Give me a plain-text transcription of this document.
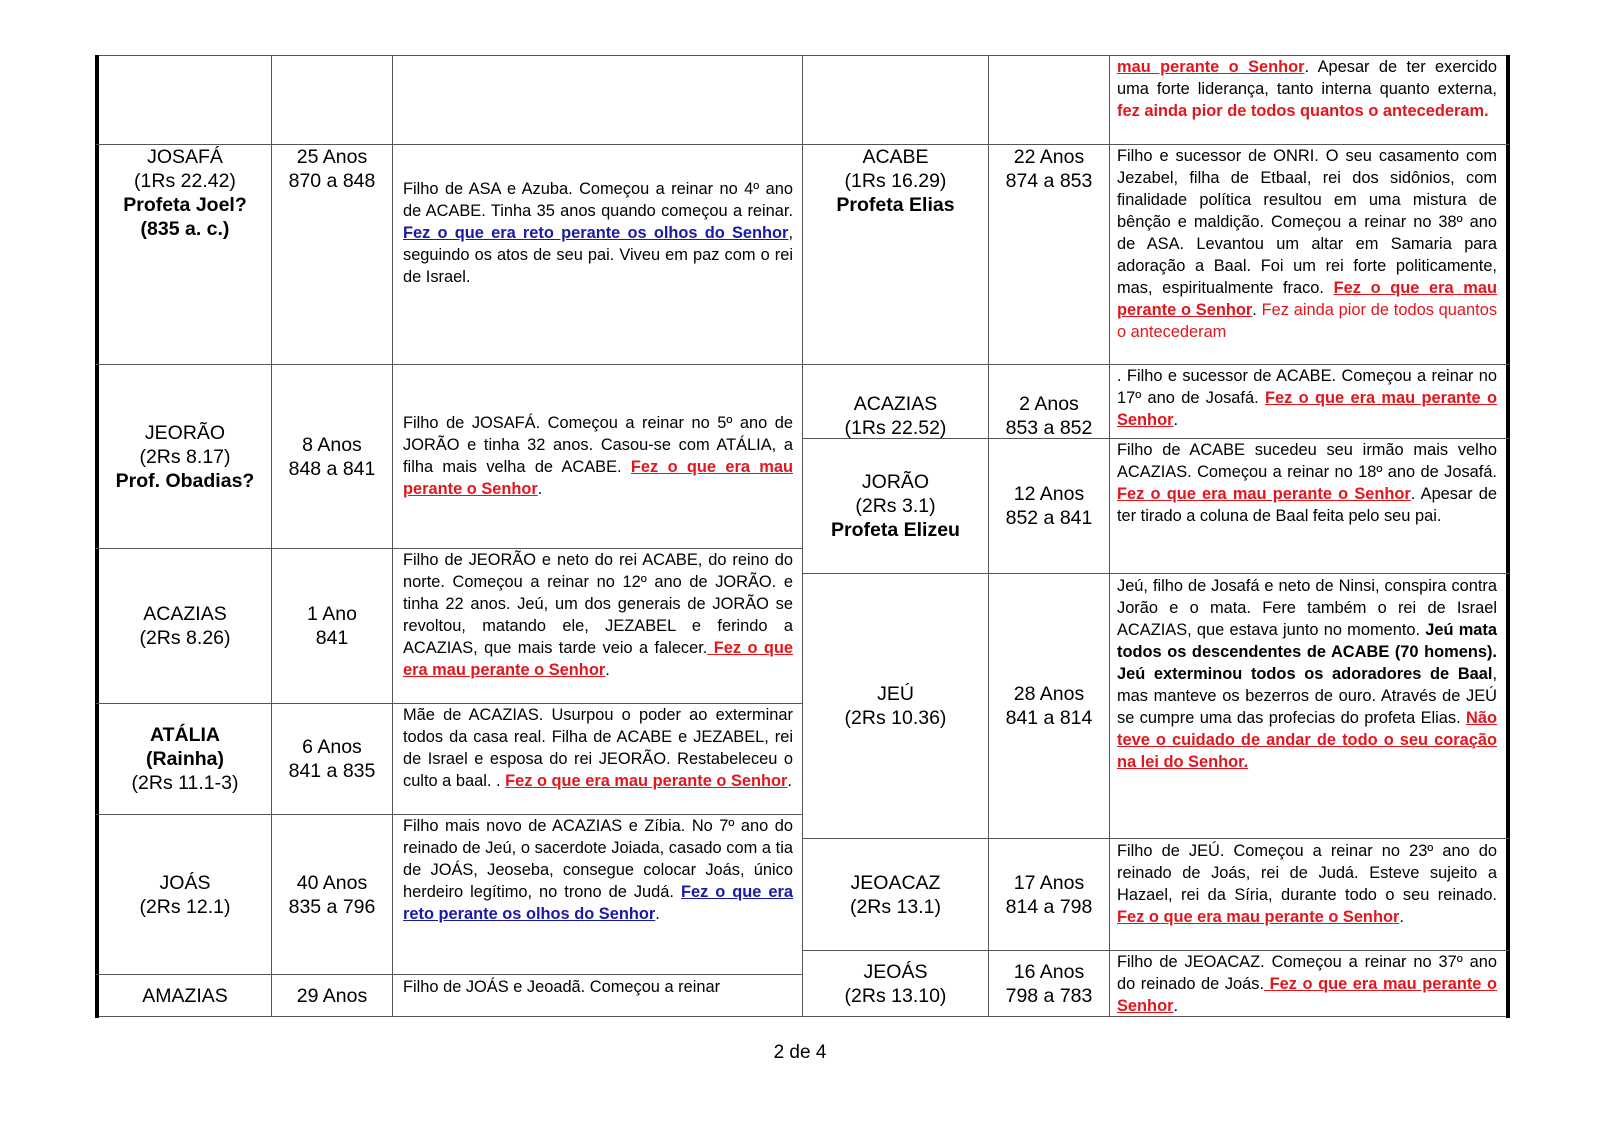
JOSAFÁ
(1Rs 22.42)
Profeta Joel?
(835 a. c.)
25 Anos
870 a 848 Filho de ASA e Azuba. Começou a reinar no 4º ano de ACABE. Tinha 35 anos quando começou a reinar. Fez o que era reto perante os olhos do Senhor, seguindo os atos de seu pai. Viveu em paz com o rei de Israel.
JEORÃO
(2Rs 8.17)
Prof. Obadias?
8 Anos
848 a 841
Filho de JOSAFÁ. Começou a reinar no 5º ano de JORÃO e tinha 32 anos. Casou-se com ATÁLIA, a filha mais velha de ACABE. Fez o que era mau perante o Senhor.
ACAZIAS
(2Rs 8.26)
1 Ano
841
Filho de JEORÃO e neto do rei ACABE, do reino do norte. Começou a reinar no 12º ano de JORÃO. e tinha 22 anos. Jeú, um dos generais de JORÃO se revoltou, matando ele, JEZABEL e ferindo a ACAZIAS, que mais tarde veio a falecer. Fez o que era mau perante o Senhor.
ATÁLIA
(Rainha)
(2Rs 11.1-3)
6 Anos
841 a 835
Mãe de ACAZIAS. Usurpou o poder ao exterminar todos da casa real. Filha de ACABE e JEZABEL, rei de Israel e esposa do rei JEORÃO. Restabeleceu o culto a baal. . Fez o que era mau perante o Senhor.
JOÁS
(2Rs 12.1)
40 Anos
835 a 796
Filho mais novo de ACAZIAS e Zíbia. No 7º ano do reinado de Jeú, o sacerdote Joiada, casado com a tia de JOÁS, Jeoseba, consegue colocar Joás, único herdeiro legítimo, no trono de Judá. Fez o que era reto perante os olhos do Senhor.
AMAZIAS	29 Anos Filho de JOÁS e Jeoadã. Começou a reinar
mau perante o Senhor. Apesar de ter exercido uma forte liderança, tanto interna quanto externa, fez ainda pior de todos quantos o antecederam.
ACABE
(1Rs 16.29)
Profeta Elias
22 Anos
874 a 853
Filho e sucessor de ONRI. O seu casamento com Jezabel, filha de Etbaal, rei dos sidônios, com finalidade política resultou em uma mistura de bênção e maldição. Começou a reinar no 38º ano de ASA. Levantou um altar em Samaria para adoração a Baal. Foi um rei forte politicamente, mas, espiritualmente fraco. Fez o que era mau perante o Senhor. Fez ainda pior de todos quantos o antecederam
ACAZIAS
(1Rs 22.52)
2 Anos
853 a 852
. Filho e sucessor de ACABE. Começou a reinar no 17º ano de Josafá. Fez o que era mau perante o Senhor.
JORÃO
(2Rs 3.1)
Profeta Elizeu
12 Anos
852 a 841
Filho de ACABE sucedeu seu irmão mais velho ACAZIAS. Começou a reinar no 18º ano de Josafá. Fez o que era mau perante o Senhor. Apesar de ter tirado a coluna de Baal feita pelo seu pai.
JEÚ
(2Rs 10.36)
28 Anos
841 a 814
Jeú, filho de Josafá e neto de Ninsi, conspira contra Jorão e o mata. Fere também o rei de Israel ACAZIAS, que estava junto no momento. Jeú mata todos os descendentes de ACABE (70 homens). Jeú exterminou todos os adoradores de Baal, mas manteve os bezerros de ouro. Através de JEÚ se cumpre uma das profecias do profeta Elias. Não teve o cuidado de andar de todo o seu coração na lei do Senhor.
JEOACAZ
(2Rs 13.1)
17 Anos
814 a 798
Filho de JEÚ. Começou a reinar no 23º ano do reinado de Joás, rei de Judá. Esteve sujeito a Hazael, rei da Síria, durante todo o seu reinado. Fez o que era mau perante o Senhor.
JEOÁS
(2Rs 13.10)
16 Anos
798 a 783
Filho de JEOACAZ. Começou a reinar no 37º ano do reinado de Joás. Fez o que era mau perante o Senhor.
2 de 4
